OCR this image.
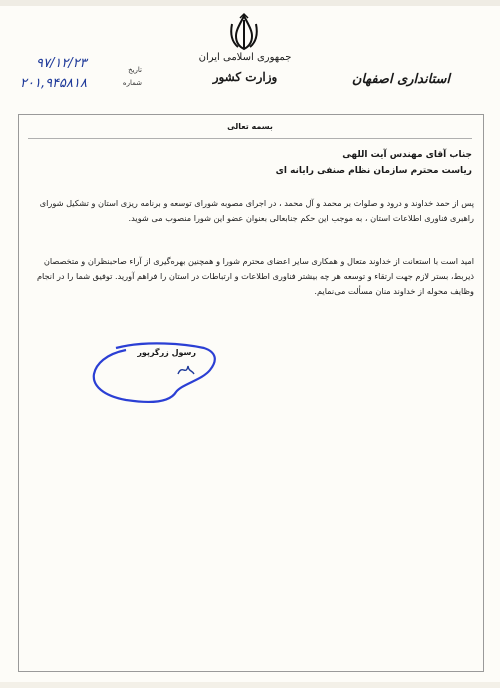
جمهوری اسلامی ایران
وزارت کشور	استانداری اصفهان
تاریخ
شماره
۹۷/۱۲/۲۳
۲۰۱,۹۴۵۸۱۸
بسمه تعالی
جناب آقای مهندس آیت اللهی
ریاست محترم سازمان نظام صنفی رایانه ای
پس از حمد خداوند و درود و صلوات بر محمد و آل محمد ، در اجرای مصوبه شورای توسعه و برنامه ریزی استان و تشکیل شورای راهبری فناوری اطلاعات استان ، به موجب این حکم جنابعالی بعنوان عضو این شورا منصوب می شوید.
امید است با استعانت از خداوند متعال و همکاری سایر اعضای محترم شورا و همچنین بهره‌گیری از آراء صاحبنظران و متخصصان ذیربط، بستر لازم جهت ارتقاء و توسعه هر چه بیشتر فناوری اطلاعات و ارتباطات در استان را فراهم آورید. توفیق شما را در انجام وظایف محوله از خداوند منان مسألت می‌نمایم.
رسول زرگرپور
